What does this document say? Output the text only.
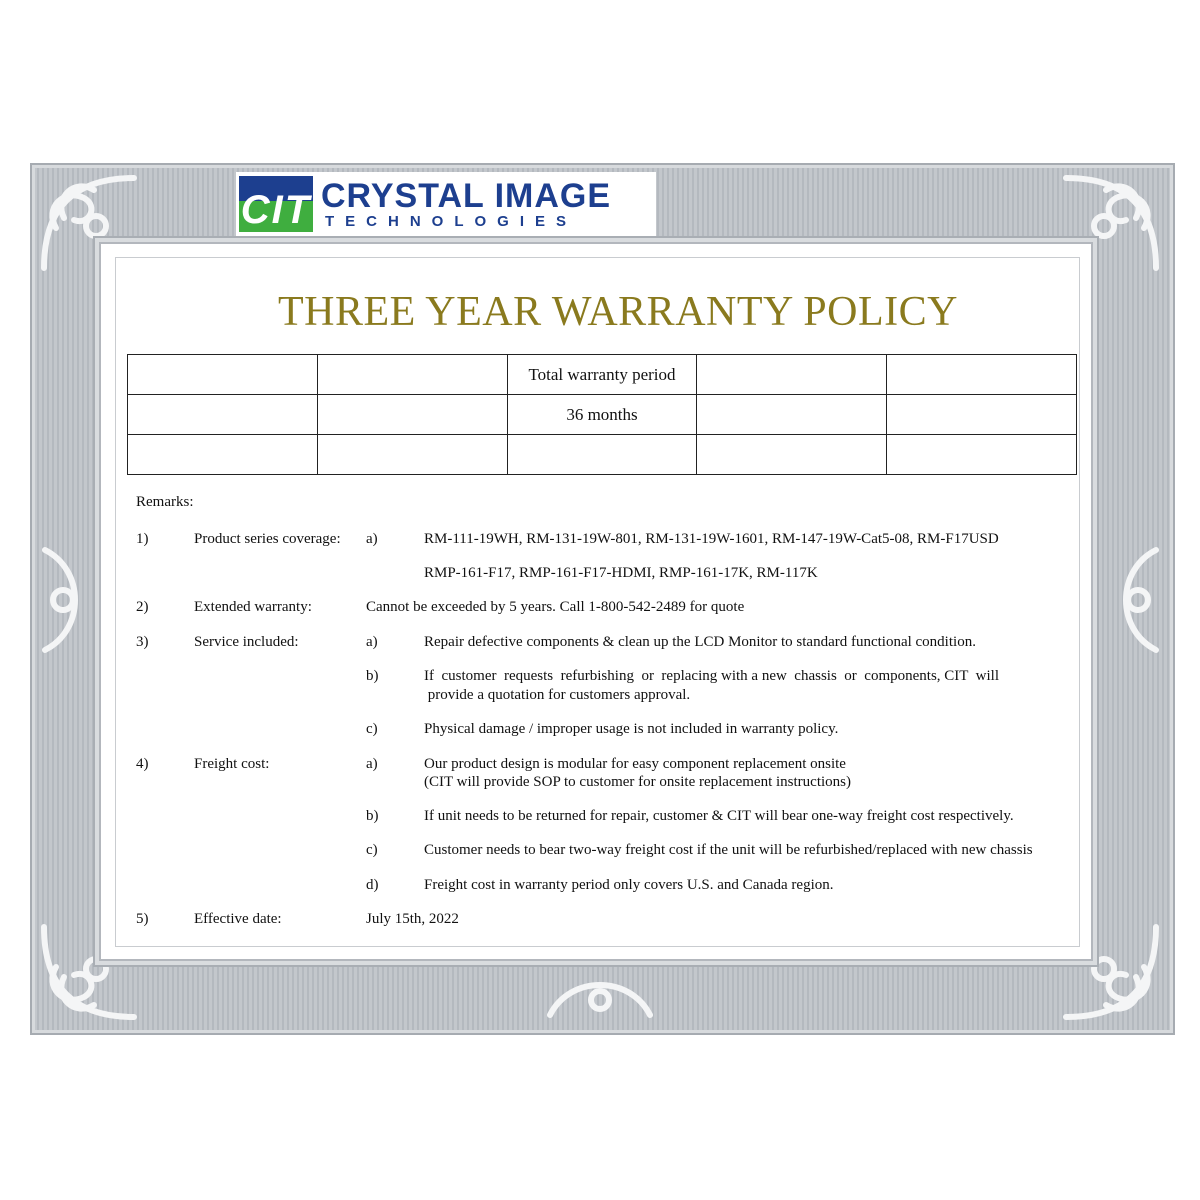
CIT CRYSTAL IMAGE
TECHNOLOGIES
THREE YEAR WARRANTY POLICY
		Total warranty period		
		36 months		

Remarks:
1)	Product series coverage: a)	RM-111-19WH, RM-131-19W-801, RM-131-19W-1601, RM-147-19W-Cat5-08, RM-F17USD
RMP-161-F17, RMP-161-F17-HDMI, RMP-161-17K, RM-117K
2)	Extended warranty:	Cannot be exceeded by 5 years. Call 1-800-542-2489 for quote
3)	Service included:	a)	Repair defective components & clean up the LCD Monitor to standard functional condition.
b)	If  customer  requests  refurbishing  or  replacing with a new  chassis  or  components, CIT  will
provide a quotation for customers approval.
c)	Physical damage / improper usage is not included in warranty policy.
4)	Freight cost:	a)	Our product design is modular for easy component replacement onsite
(CIT will provide SOP to customer for onsite replacement instructions)
b)	If unit needs to be returned for repair, customer & CIT will bear one-way freight cost respectively.
c)	Customer needs to bear two-way freight cost if the unit will be refurbished/replaced with new chassis
d)	Freight cost in warranty period only covers U.S. and Canada region.
5)	Effective date:	July 15th, 2022
